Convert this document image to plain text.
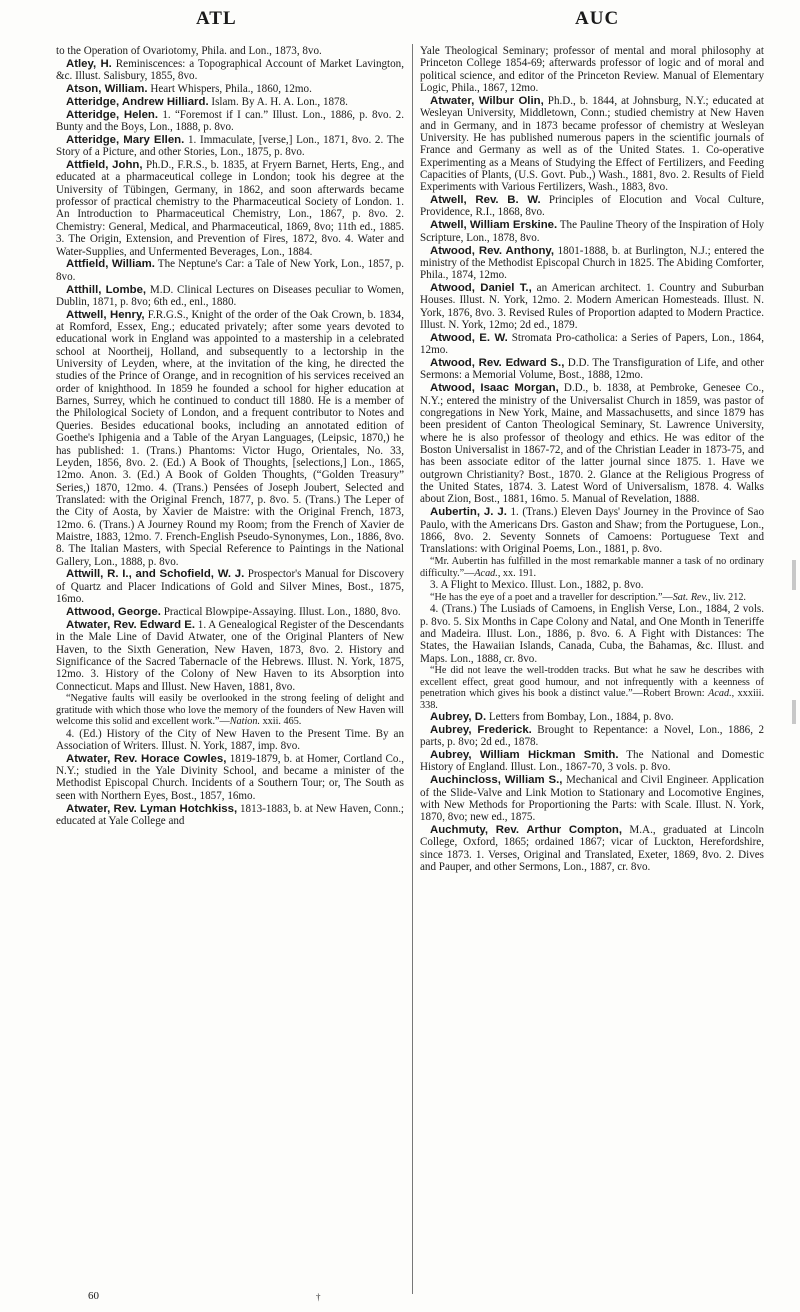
ATL	AUC

to the Operation of Ovariotomy, Phila. and Lon., 1873, 8vo.

Atley, H. Reminiscences: a Topographical Account of Market Lavington, &c. Illust. Salisbury, 1855, 8vo.

Atson, William. Heart Whispers, Phila., 1860, 12mo.

Atteridge, Andrew Hilliard. Islam. By A. H. A. Lon., 1878.

Atteridge, Helen. 1. “Foremost if I can.” Illust. Lon., 1886, p. 8vo. 2. Bunty and the Boys, Lon., 1888, p. 8vo.

Atteridge, Mary Ellen. 1. Immaculate, [verse,] Lon., 1871, 8vo. 2. The Story of a Picture, and other Stories, Lon., 1875, p. 8vo.

Attfield, John, Ph.D., F.R.S., b. 1835, at Fryern Barnet, Herts, Eng., and educated at a pharmaceutical college in London; took his degree at the University of Tübingen, Germany, in 1862, and soon afterwards became professor of practical chemistry to the Pharmaceutical Society of London. 1. An Introduction to Pharmaceutical Chemistry, Lon., 1867, p. 8vo. 2. Chemistry: General, Medical, and Pharmaceutical, 1869, 8vo; 11th ed., 1885. 3. The Origin, Extension, and Prevention of Fires, 1872, 8vo. 4. Water and Water-Supplies, and Unfermented Beverages, Lon., 1884.

Attfield, William. The Neptune's Car: a Tale of New York, Lon., 1857, p. 8vo.

Atthill, Lombe, M.D. Clinical Lectures on Diseases peculiar to Women, Dublin, 1871, p. 8vo; 6th ed., enl., 1880.

Attwell, Henry, F.R.G.S., Knight of the order of the Oak Crown, b. 1834, at Romford, Essex, Eng.; educated privately; after some years devoted to educational work in England was appointed to a mastership in a celebrated school at Noortheij, Holland, and subsequently to a lectorship in the University of Leyden, where, at the invitation of the king, he directed the studies of the Prince of Orange, and in recognition of his services received an order of knighthood. In 1859 he founded a school for higher education at Barnes, Surrey, which he continued to conduct till 1880. He is a member of the Philological Society of London, and a frequent contributor to Notes and Queries. Besides educational books, including an annotated edition of Goethe's Iphigenia and a Table of the Aryan Languages, (Leipsic, 1870,) he has published: 1. (Trans.) Phantoms: Victor Hugo, Orientales, No. 33, Leyden, 1856, 8vo. 2. (Ed.) A Book of Thoughts, [selections,] Lon., 1865, 12mo. Anon. 3. (Ed.) A Book of Golden Thoughts, (“Golden Treasury” Series,) 1870, 12mo. 4. (Trans.) Pensées of Joseph Joubert, Selected and Translated: with the Original French, 1877, p. 8vo. 5. (Trans.) The Leper of the City of Aosta, by Xavier de Maistre: with the Original French, 1873, 12mo. 6. (Trans.) A Journey Round my Room; from the French of Xavier de Maistre, 1883, 12mo. 7. French-English Pseudo-Synonymes, Lon., 1886, 8vo. 8. The Italian Masters, with Special Reference to Paintings in the National Gallery, Lon., 1888, p. 8vo.

Attwill, R. I., and Schofield, W. J. Prospector's Manual for Discovery of Quartz and Placer Indications of Gold and Silver Mines, Bost., 1875, 16mo.

Attwood, George. Practical Blowpipe-Assaying. Illust. Lon., 1880, 8vo.

Atwater, Rev. Edward E. 1. A Genealogical Register of the Descendants in the Male Line of David Atwater, one of the Original Planters of New Haven, to the Sixth Generation, New Haven, 1873, 8vo. 2. History and Significance of the Sacred Tabernacle of the Hebrews. Illust. N. York, 1875, 12mo. 3. History of the Colony of New Haven to its Absorption into Connecticut. Maps and Illust. New Haven, 1881, 8vo.

“Negative faults will easily be overlooked in the strong feeling of delight and gratitude with which those who love the memory of the founders of New Haven will welcome this solid and excellent work.”—Nation. xxii. 465.

4. (Ed.) History of the City of New Haven to the Present Time. By an Association of Writers. Illust. N. York, 1887, imp. 8vo.

Atwater, Rev. Horace Cowles, 1819-1879, b. at Homer, Cortland Co., N.Y.; studied in the Yale Divinity School, and became a minister of the Methodist Episcopal Church. Incidents of a Southern Tour; or, The South as seen with Northern Eyes, Bost., 1857, 16mo.

Atwater, Rev. Lyman Hotchkiss, 1813-1883, b. at New Haven, Conn.; educated at Yale College and

Yale Theological Seminary; professor of mental and moral philosophy at Princeton College 1854-69; afterwards professor of logic and of moral and political science, and editor of the Princeton Review. Manual of Elementary Logic, Phila., 1867, 12mo.

Atwater, Wilbur Olin, Ph.D., b. 1844, at Johnsburg, N.Y.; educated at Wesleyan University, Middletown, Conn.; studied chemistry at New Haven and in Germany, and in 1873 became professor of chemistry at Wesleyan University. He has published numerous papers in the scientific journals of France and Germany as well as of the United States. 1. Co-operative Experimenting as a Means of Studying the Effect of Fertilizers, and Feeding Capacities of Plants, (U.S. Govt. Pub.,) Wash., 1881, 8vo. 2. Results of Field Experiments with Various Fertilizers, Wash., 1883, 8vo.

Atwell, Rev. B. W. Principles of Elocution and Vocal Culture, Providence, R.I., 1868, 8vo.

Atwell, William Erskine. The Pauline Theory of the Inspiration of Holy Scripture, Lon., 1878, 8vo.

Atwood, Rev. Anthony, 1801-1888, b. at Burlington, N.J.; entered the ministry of the Methodist Episcopal Church in 1825. The Abiding Comforter, Phila., 1874, 12mo.

Atwood, Daniel T., an American architect. 1. Country and Suburban Houses. Illust. N. York, 12mo. 2. Modern American Homesteads. Illust. N. York, 1876, 8vo. 3. Revised Rules of Proportion adapted to Modern Practice. Illust. N. York, 12mo; 2d ed., 1879.

Atwood, E. W. Stromata Pro-catholica: a Series of Papers, Lon., 1864, 12mo.

Atwood, Rev. Edward S., D.D. The Transfiguration of Life, and other Sermons: a Memorial Volume, Bost., 1888, 12mo.

Atwood, Isaac Morgan, D.D., b. 1838, at Pembroke, Genesee Co., N.Y.; entered the ministry of the Universalist Church in 1859, was pastor of congregations in New York, Maine, and Massachusetts, and since 1879 has been president of Canton Theological Seminary, St. Lawrence University, where he is also professor of theology and ethics. He was editor of the Boston Universalist in 1867-72, and of the Christian Leader in 1873-75, and has been associate editor of the latter journal since 1875. 1. Have we outgrown Christianity? Bost., 1870. 2. Glance at the Religious Progress of the United States, 1874. 3. Latest Word of Universalism, 1878. 4. Walks about Zion, Bost., 1881, 16mo. 5. Manual of Revelation, 1888.

Aubertin, J. J. 1. (Trans.) Eleven Days' Journey in the Province of Sao Paulo, with the Americans Drs. Gaston and Shaw; from the Portuguese, Lon., 1866, 8vo. 2. Seventy Sonnets of Camoens: Portuguese Text and Translations: with Original Poems, Lon., 1881, p. 8vo.

“Mr. Aubertin has fulfilled in the most remarkable manner a task of no ordinary difficulty.”—Acad., xx. 191.

3. A Flight to Mexico. Illust. Lon., 1882, p. 8vo.

“He has the eye of a poet and a traveller for description.”—Sat. Rev., liv. 212.

4. (Trans.) The Lusiads of Camoens, in English Verse, Lon., 1884, 2 vols. p. 8vo. 5. Six Months in Cape Colony and Natal, and One Month in Teneriffe and Madeira. Illust. Lon., 1886, p. 8vo. 6. A Fight with Distances: The States, the Hawaiian Islands, Canada, Cuba, the Bahamas, &c. Illust. and Maps. Lon., 1888, cr. 8vo.

“He did not leave the well-trodden tracks. But what he saw he describes with excellent effect, great good humour, and not infrequently with a keenness of penetration which gives his book a distinct value.”—Robert Brown: Acad., xxxiii. 338.

Aubrey, D. Letters from Bombay, Lon., 1884, p. 8vo.

Aubrey, Frederick. Brought to Repentance: a Novel, Lon., 1886, 2 parts, p. 8vo; 2d ed., 1878.

Aubrey, William Hickman Smith. The National and Domestic History of England. Illust. Lon., 1867-70, 3 vols. p. 8vo.

Auchincloss, William S., Mechanical and Civil Engineer. Application of the Slide-Valve and Link Motion to Stationary and Locomotive Engines, with New Methods for Proportioning the Parts: with Scale. Illust. N. York, 1870, 8vo; new ed., 1875.

Auchmuty, Rev. Arthur Compton, M.A., graduated at Lincoln College, Oxford, 1865; ordained 1867; vicar of Luckton, Herefordshire, since 1873. 1. Verses, Original and Translated, Exeter, 1869, 8vo. 2. Dives and Pauper, and other Sermons, Lon., 1887, cr. 8vo.

60	†
